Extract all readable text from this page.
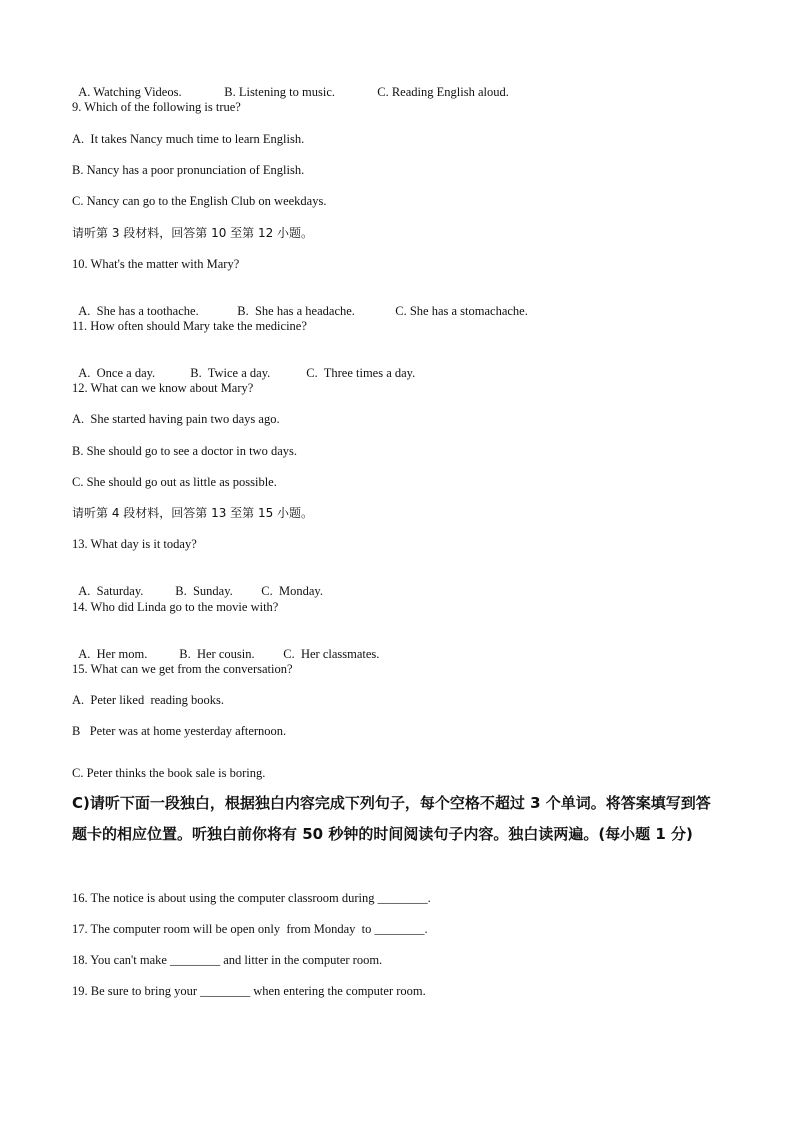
A. Watching Videos.	B. Listening to music.	C. Reading English aloud.

9. Which of the following is true?
A.  It takes Nancy much time to learn English.
B. Nancy has a poor pronunciation of English.
C. Nancy can go to the English Club on weekdays.
请听第 3 段材料，回答第 10 至第 12 小题。
10. What's the matter with Mary?

A.  She has a toothache.	B.  She has a headache.	C. She has a stomachache.

11. How often should Mary take the medicine?

A.  Once a day.	B.  Twice a day.	C.  Three times a day.

12. What can we know about Mary?
A.  She started having pain two days ago.
B. She should go to see a doctor in two days.
C. She should go out as little as possible.
请听第 4 段材料，回答第 13 至第 15 小题。
13. What day is it today?

A.  Saturday.	B.  Sunday. C.  Monday.

14. Who did Linda go to the movie with?

A.  Her mom.	B.  Her cousin. C.  Her classmates.

15. What can we get from the conversation?
A.  Peter liked  reading books.
B   Peter was at home yesterday afternoon.
C. Peter thinks the book sale is boring.
C)请听下面一段独白，根据独白内容完成下列句子，每个空格不超过 3 个单词。将答案填写到答题卡的相应位置。听独白前你将有 50 秒钟的时间阅读句子内容。独白读两遍。(每小题 1 分)
16. The notice is about using the computer classroom during ________.
17. The computer room will be open only  from Monday  to ________.
18. You can't make ________ and litter in the computer room.
19. Be sure to bring your ________ when entering the computer room.
